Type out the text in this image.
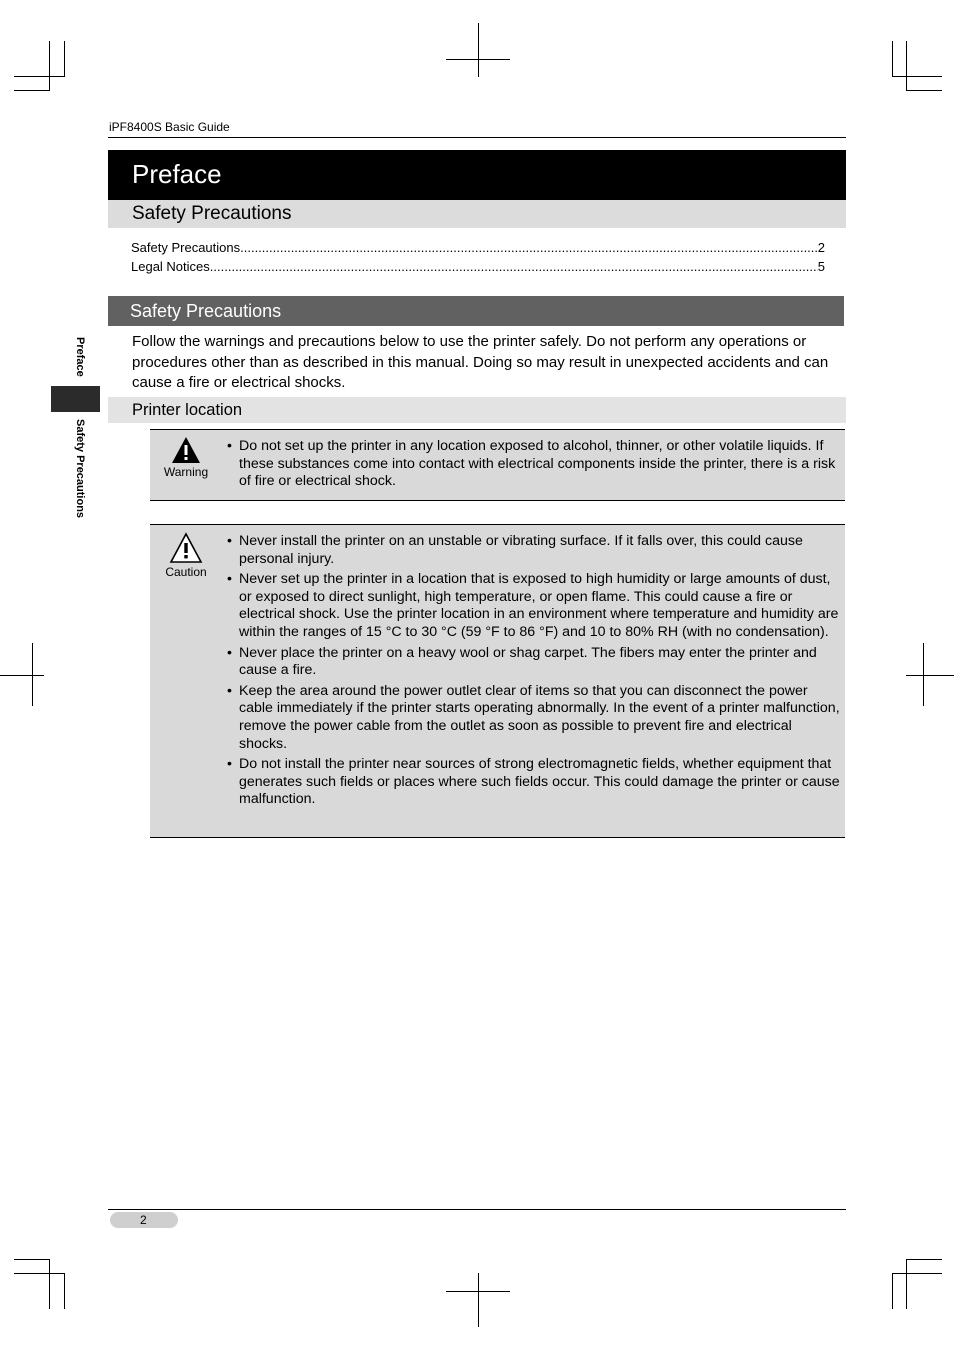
iPF8400S Basic Guide
Preface
Safety Precautions
Safety Precautions .....	2
Legal Notices .....	5
Safety Precautions
Follow the warnings and precautions below to use the printer safely. Do not perform any operations or procedures other than as described in this manual. Doing so may result in unexpected accidents and can cause a fire or electrical shocks.
Printer location
Warning
• Do not set up the printer in any location exposed to alcohol, thinner, or other volatile liquids. If these substances come into contact with electrical components inside the printer, there is a risk of fire or electrical shock.
Caution
• Never install the printer on an unstable or vibrating surface. If it falls over, this could cause personal injury.
• Never set up the printer in a location that is exposed to high humidity or large amounts of dust, or exposed to direct sunlight, high temperature, or open flame. This could cause a fire or electrical shock. Use the printer location in an environment where temperature and humidity are within the ranges of 15 °C to 30 °C (59 °F to 86 °F) and 10 to 80% RH (with no condensation).
• Never place the printer on a heavy wool or shag carpet. The fibers may enter the printer and cause a fire.
• Keep the area around the power outlet clear of items so that you can disconnect the power cable immediately if the printer starts operating abnormally. In the event of a printer malfunction, remove the power cable from the outlet as soon as possible to prevent fire and electrical shocks.
• Do not install the printer near sources of strong electromagnetic fields, whether equipment that generates such fields or places where such fields occur. This could damage the printer or cause malfunction.
Preface
Safety Precautions
2
